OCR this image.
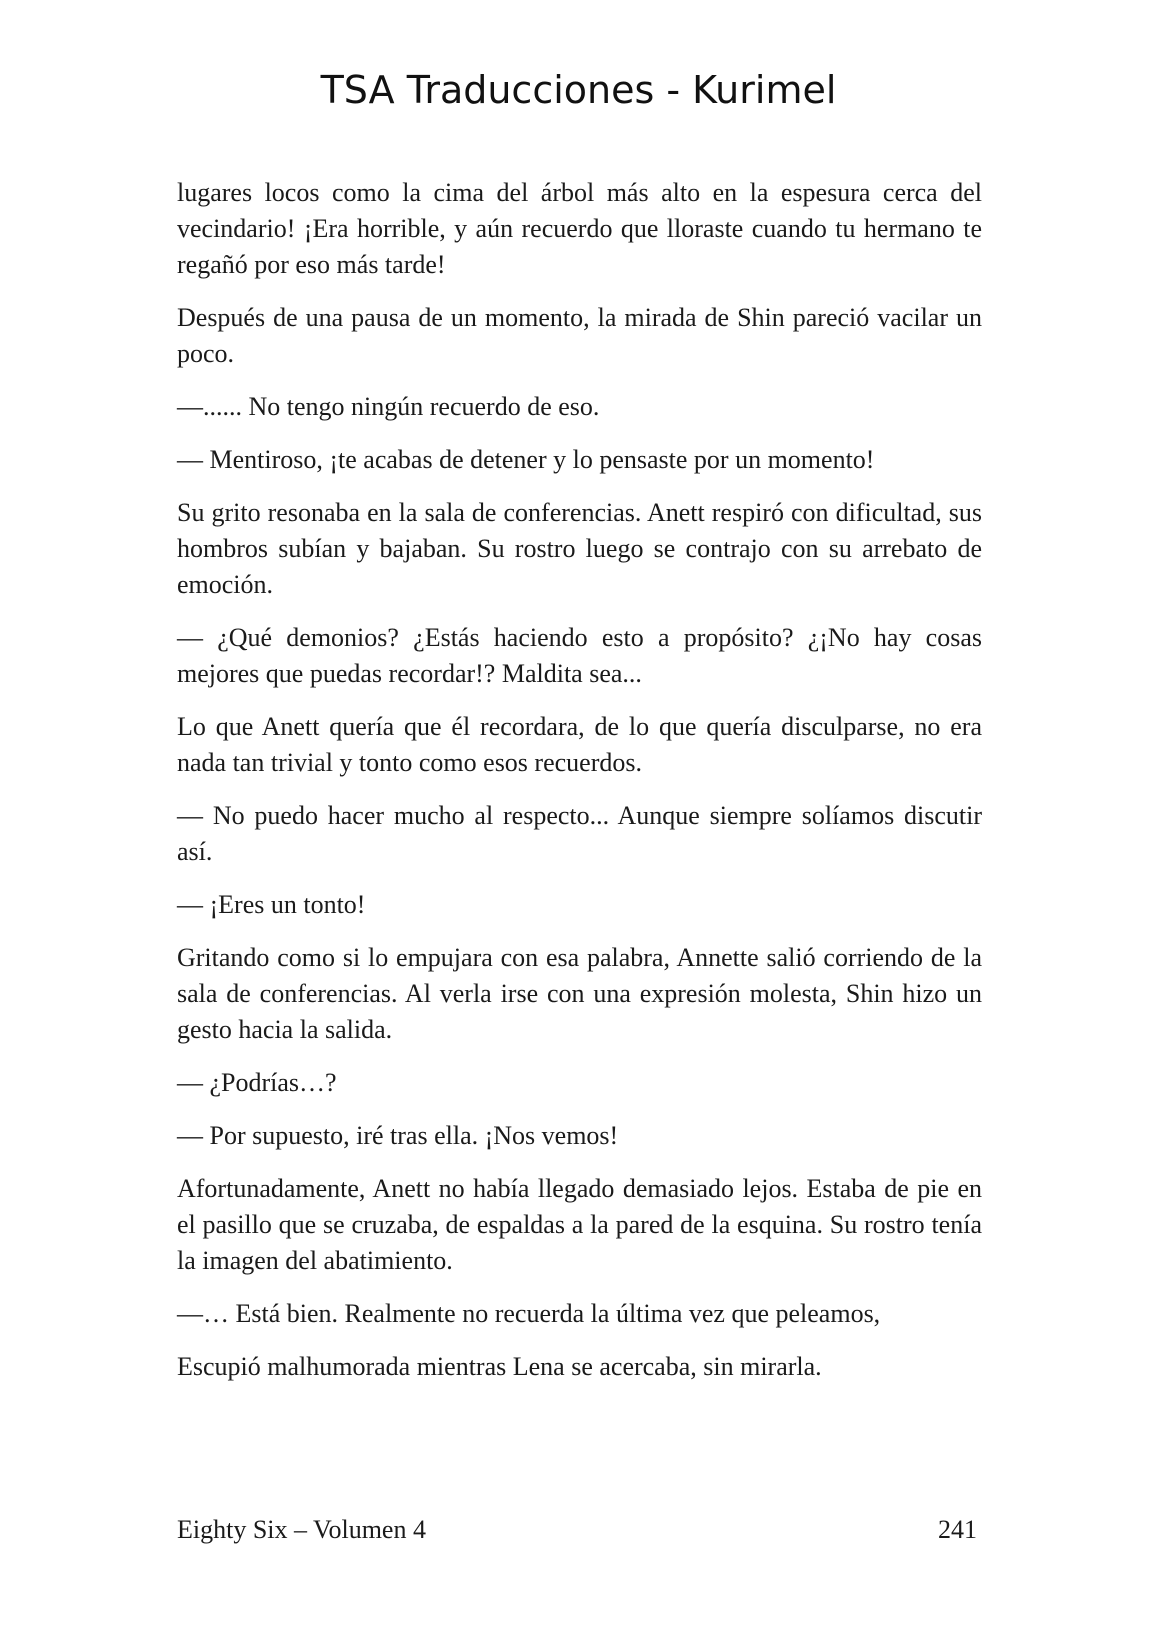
TSA Traducciones - Kurimel

lugares locos como la cima del árbol más alto en la espesura cerca del vecindario! ¡Era horrible, y aún recuerdo que lloraste cuando tu hermano te regañó por eso más tarde!

Después de una pausa de un momento, la mirada de Shin pareció vacilar un poco.

—...... No tengo ningún recuerdo de eso.

— Mentiroso, ¡te acabas de detener y lo pensaste por un momento!

Su grito resonaba en la sala de conferencias. Anett respiró con dificultad, sus hombros subían y bajaban. Su rostro luego se contrajo con su arrebato de emoción.

— ¿Qué demonios? ¿Estás haciendo esto a propósito? ¿¡No hay cosas mejores que puedas recordar!? Maldita sea...

Lo que Anett quería que él recordara, de lo que quería disculparse, no era nada tan trivial y tonto como esos recuerdos.

— No puedo hacer mucho al respecto... Aunque siempre solíamos discutir así.

— ¡Eres un tonto!

Gritando como si lo empujara con esa palabra, Annette salió corriendo de la sala de conferencias. Al verla irse con una expresión molesta, Shin hizo un gesto hacia la salida.

— ¿Podrías…?

— Por supuesto, iré tras ella. ¡Nos vemos!

Afortunadamente, Anett no había llegado demasiado lejos. Estaba de pie en el pasillo que se cruzaba, de espaldas a la pared de la esquina. Su rostro tenía la imagen del abatimiento.

—… Está bien. Realmente no recuerda la última vez que peleamos,

Escupió malhumorada mientras Lena se acercaba, sin mirarla.

Eighty Six – Volumen 4	241
